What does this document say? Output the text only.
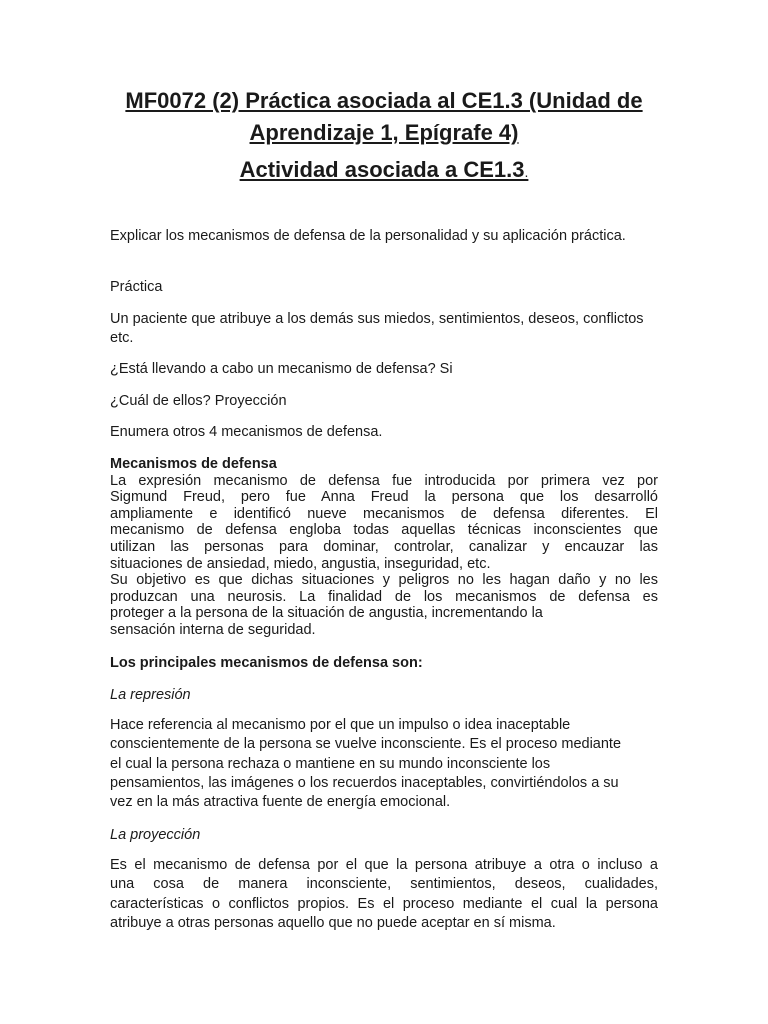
MF0072 (2) Práctica asociada al CE1.3 (Unidad de
Aprendizaje 1, Epígrafe 4)
Actividad asociada a CE1.3.

Explicar los mecanismos de defensa de la personalidad y su aplicación práctica.

Práctica

Un paciente que atribuye a los demás sus miedos, sentimientos, deseos, conflictos etc.

¿Está llevando a cabo un mecanismo de defensa? Si

¿Cuál de ellos? Proyección

Enumera otros 4 mecanismos de defensa.

Mecanismos de defensa
La expresión mecanismo de defensa fue introducida por primera vez por
Sigmund Freud, pero fue Anna Freud la persona que los desarrolló
ampliamente e identificó nueve mecanismos de defensa diferentes. El
mecanismo de defensa engloba todas aquellas técnicas inconscientes que
utilizan las personas para dominar, controlar, canalizar y encauzar las
situaciones de ansiedad, miedo, angustia, inseguridad, etc.
Su objetivo es que dichas situaciones y peligros no les hagan daño y no les
produzcan una neurosis. La finalidad de los mecanismos de defensa es
proteger a la persona de la situación de angustia, incrementando la
sensación interna de seguridad.

Los principales mecanismos de defensa son:

La represión

Hace referencia al mecanismo por el que un impulso o idea inaceptable
conscientemente de la persona se vuelve inconsciente. Es el proceso mediante
el cual la persona rechaza o mantiene en su mundo inconsciente los
pensamientos, las imágenes o los recuerdos inaceptables, convirtiéndolos a su
vez en la más atractiva fuente de energía emocional.

La proyección

Es el mecanismo de defensa por el que la persona atribuye a otra o incluso a
una cosa de manera inconsciente, sentimientos, deseos, cualidades,
características o conflictos propios. Es el proceso mediante el cual la persona
atribuye a otras personas aquello que no puede aceptar en sí misma.
